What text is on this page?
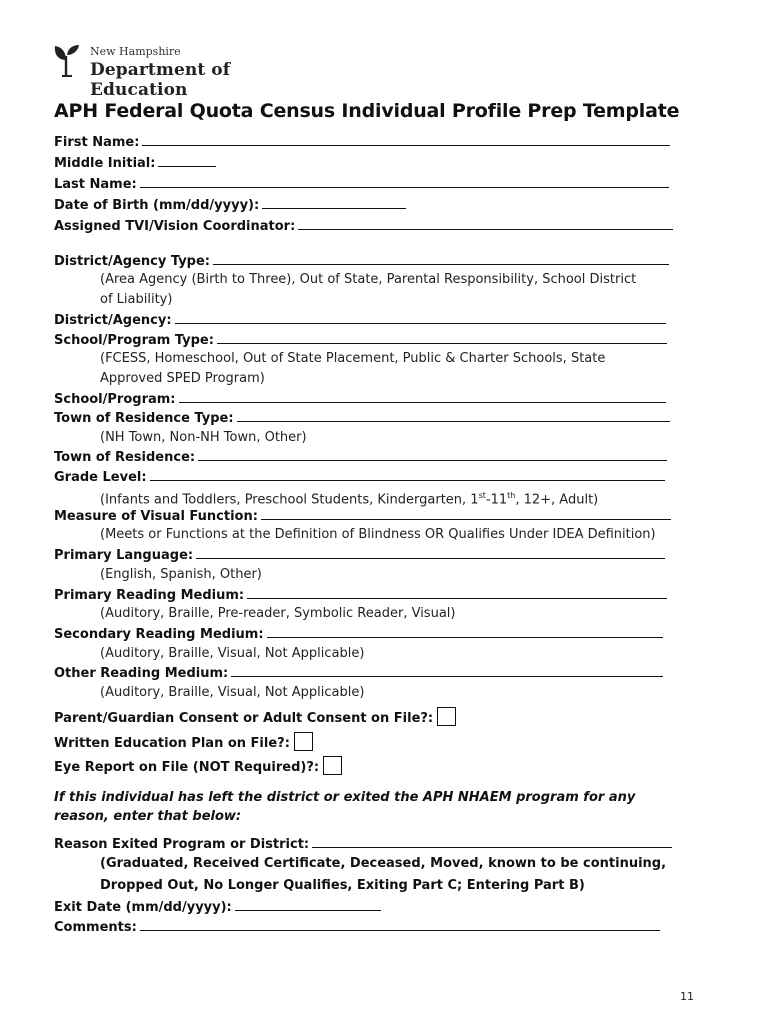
New Hampshire
Department of Education
APH Federal Quota Census Individual Profile Prep Template
First Name:
Middle Initial:
Last Name:
Date of Birth (mm/dd/yyyy):
Assigned TVI/Vision Coordinator:
District/Agency Type:
(Area Agency (Birth to Three), Out of State, Parental Responsibility, School District
of Liability)
District/Agency:
School/Program Type:
(FCESS, Homeschool, Out of State Placement, Public & Charter Schools, State
Approved SPED Program)
School/Program:
Town of Residence Type:
(NH Town, Non-NH Town, Other)
Town of Residence:
Grade Level:
(Infants and Toddlers, Preschool Students, Kindergarten, 1st-11th, 12+, Adult)
Measure of Visual Function:
(Meets or Functions at the Definition of Blindness OR Qualifies Under IDEA Definition)
Primary Language:
(English, Spanish, Other)
Primary Reading Medium:
(Auditory, Braille, Pre-reader, Symbolic Reader, Visual)
Secondary Reading Medium:
(Auditory, Braille, Visual, Not Applicable)
Other Reading Medium:
(Auditory, Braille, Visual, Not Applicable)
Parent/Guardian Consent or Adult Consent on File?:
Written Education Plan on File?:
Eye Report on File (NOT Required)?:
If this individual has left the district or exited the APH NHAEM program for any reason, enter that below:
Reason Exited Program or District:
(Graduated, Received Certificate, Deceased, Moved, known to be continuing,
Dropped Out, No Longer Qualifies, Exiting Part C; Entering Part B)
Exit Date (mm/dd/yyyy):
Comments:
11
